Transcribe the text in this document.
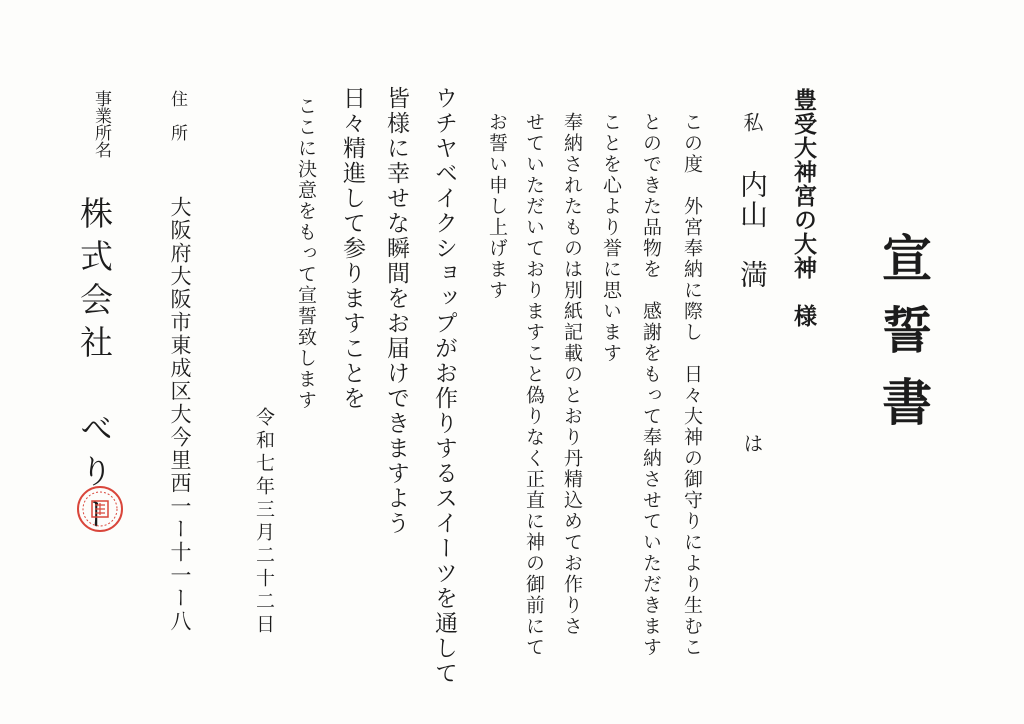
宣誓書
豊受大神宮の大神　様
私 内山　満 は
この度　外宮奉納に際し　日々大神の御守りにより生むこ
とのできた品物を　感謝をもって奉納させていただきます
ことを心より誉に思います
奉納されたものは別紙記載のとおり丹精込めてお作りさ
せていただいておりますこと偽りなく正直に神の御前にて
お誓い申し上げます
ウチヤベイクショップがお作りするスイーツを通して
皆様に幸せな瞬間をお届けできますよう
日々精進して参りますことを
ここに決意をもって宣誓致します
令和七年三月二十二日
住　所
大阪府大阪市東成区大今里西一ー十一ー八
事業所名
株式会社　べりー
